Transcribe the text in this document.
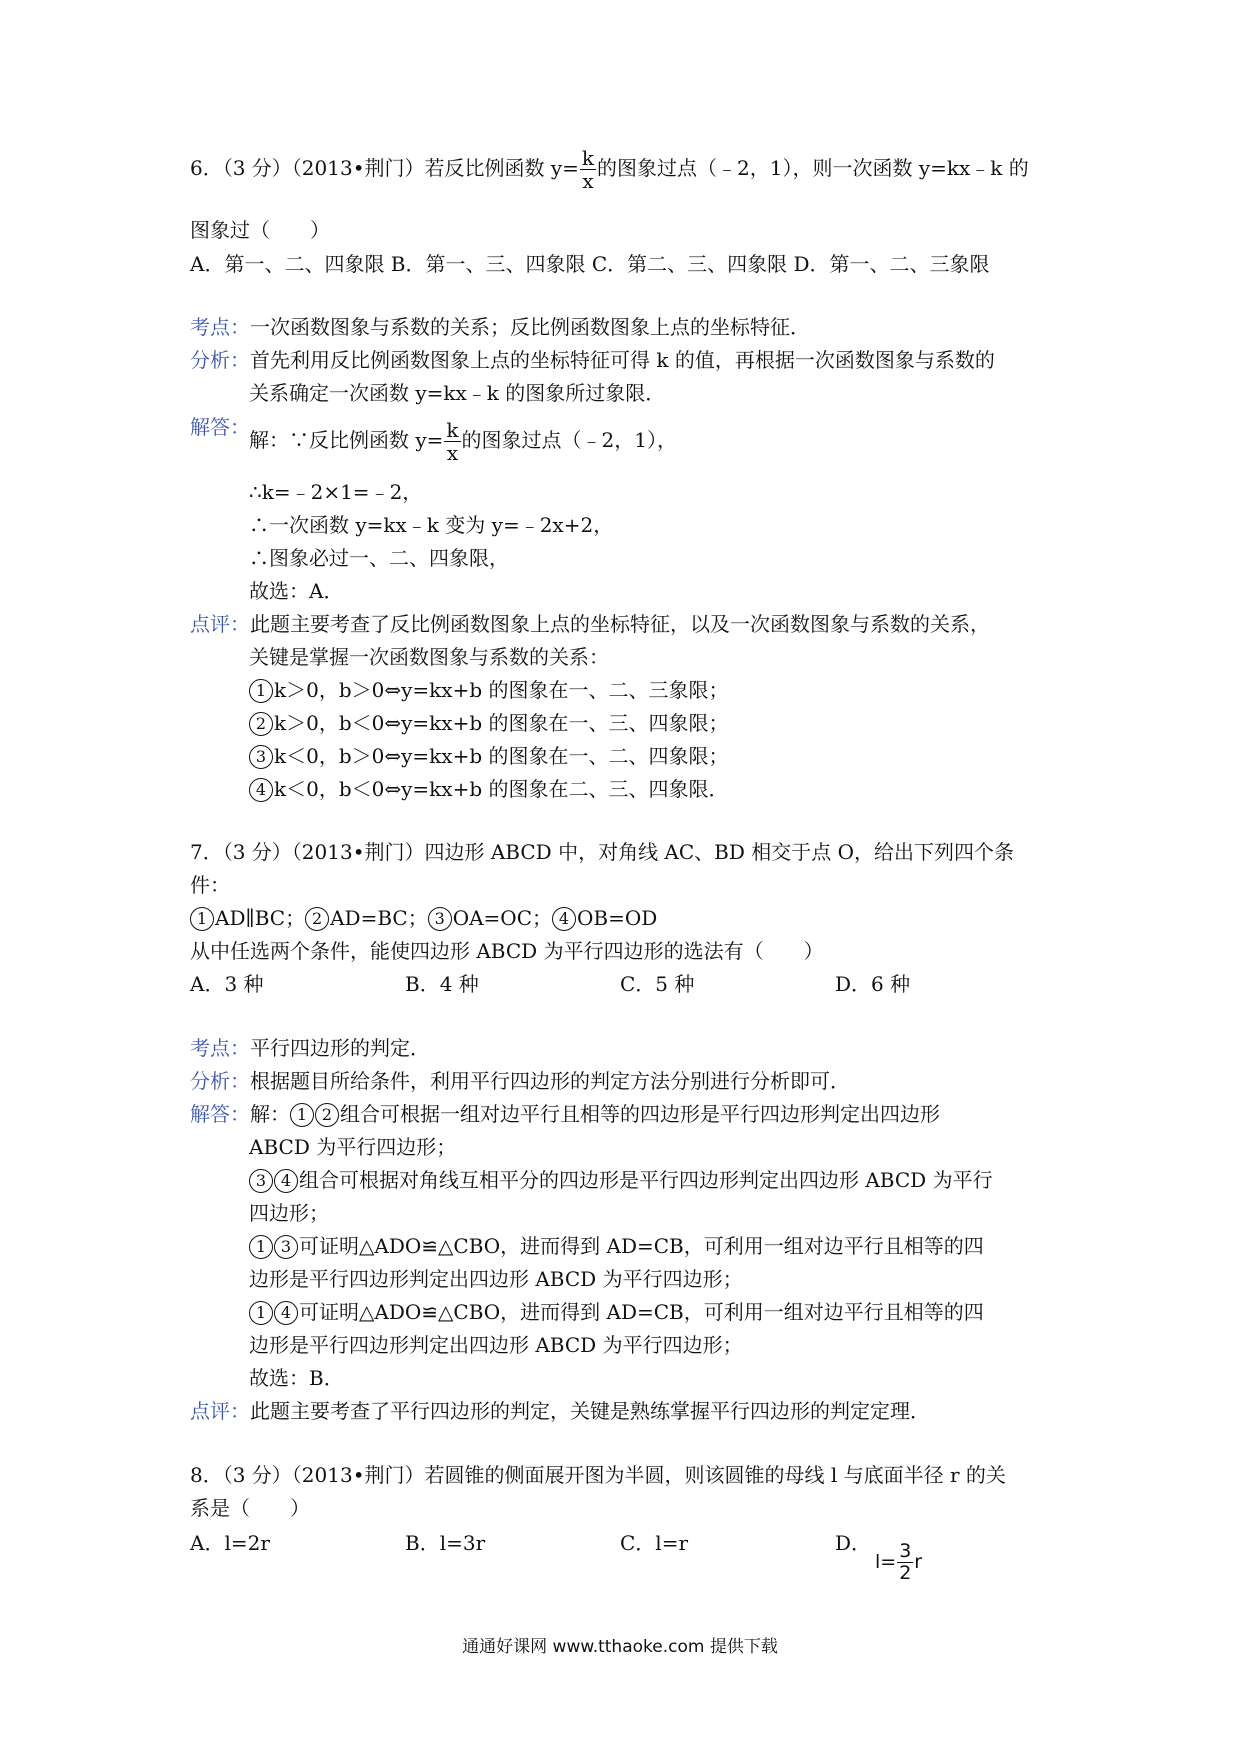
6．（3 分）（2013•荆门）若反比例函数 $y= \frac{k}{x}$ 的图象过点（﹣2，1），则一次函数 y=kx﹣k 的
图象过（　　）
A．第一、二、四象限 B．第一、三、四象限 C．第二、三、四象限 D．第一、二、三象限
考点：一次函数图象与系数的关系；反比例函数图象上点的坐标特征．
分析：首先利用反比例函数图象上点的坐标特征可得 k 的值，再根据一次函数图象与系数的
关系确定一次函数 y=kx﹣k 的图象所过象限．
解答：
解：∵反比例函数 $y= \frac{k}{x}$ 的图象过点（﹣2，1），
∴k=﹣2×1=﹣2，
∴一次函数 y=kx﹣k 变为 y=﹣2x+2，
∴图象必过一、二、四象限，
故选：A．
点评：此题主要考查了反比例函数图象上点的坐标特征，以及一次函数图象与系数的关系，
关键是掌握一次函数图象与系数的关系：
1 k＞0，b＞0⇔y=kx+b 的图象在一、二、三象限；
2 k＞0，b＜0⇔y=kx+b 的图象在一、三、四象限；
3 k＜0，b＞0⇔y=kx+b 的图象在一、二、四象限；
4 k＜0，b＜0⇔y=kx+b 的图象在二、三、四象限．
7．（3 分）（2013•荆门）四边形 ABCD 中，对角线 AC、BD 相交于点 O，给出下列四个条
件：
1 AD∥BC； 2 AD=BC； 3 OA=OC； 4 OB=OD
从中任选两个条件，能使四边形 ABCD 为平行四边形的选法有（　　）
A．3 种	B．4 种	C．5 种	D．6 种
考点：平行四边形的判定．
分析：根据题目所给条件，利用平行四边形的判定方法分别进行分析即可．
解答：解： 1 2 组合可根据一组对边平行且相等的四边形是平行四边形判定出四边形
ABCD 为平行四边形；
3 4 组合可根据对角线互相平分的四边形是平行四边形判定出四边形 ABCD 为平行
四边形；
1 3 可证明△ADO≌△CBO，进而得到 AD=CB，可利用一组对边平行且相等的四
边形是平行四边形判定出四边形 ABCD 为平行四边形；
1 4 可证明△ADO≌△CBO，进而得到 AD=CB，可利用一组对边平行且相等的四
边形是平行四边形判定出四边形 ABCD 为平行四边形；
故选：B．
点评：此题主要考查了平行四边形的判定，关键是熟练掌握平行四边形的判定定理．
8．（3 分）（2013•荆门）若圆锥的侧面展开图为半圆，则该圆锥的母线 l 与底面半径 r 的关
系是（　　）
A．l=2r	B．l=3r	C．l=r	D．
$l= \frac{3}{2}$ r
通通好课网 www.tthaoke.com 提供下载
